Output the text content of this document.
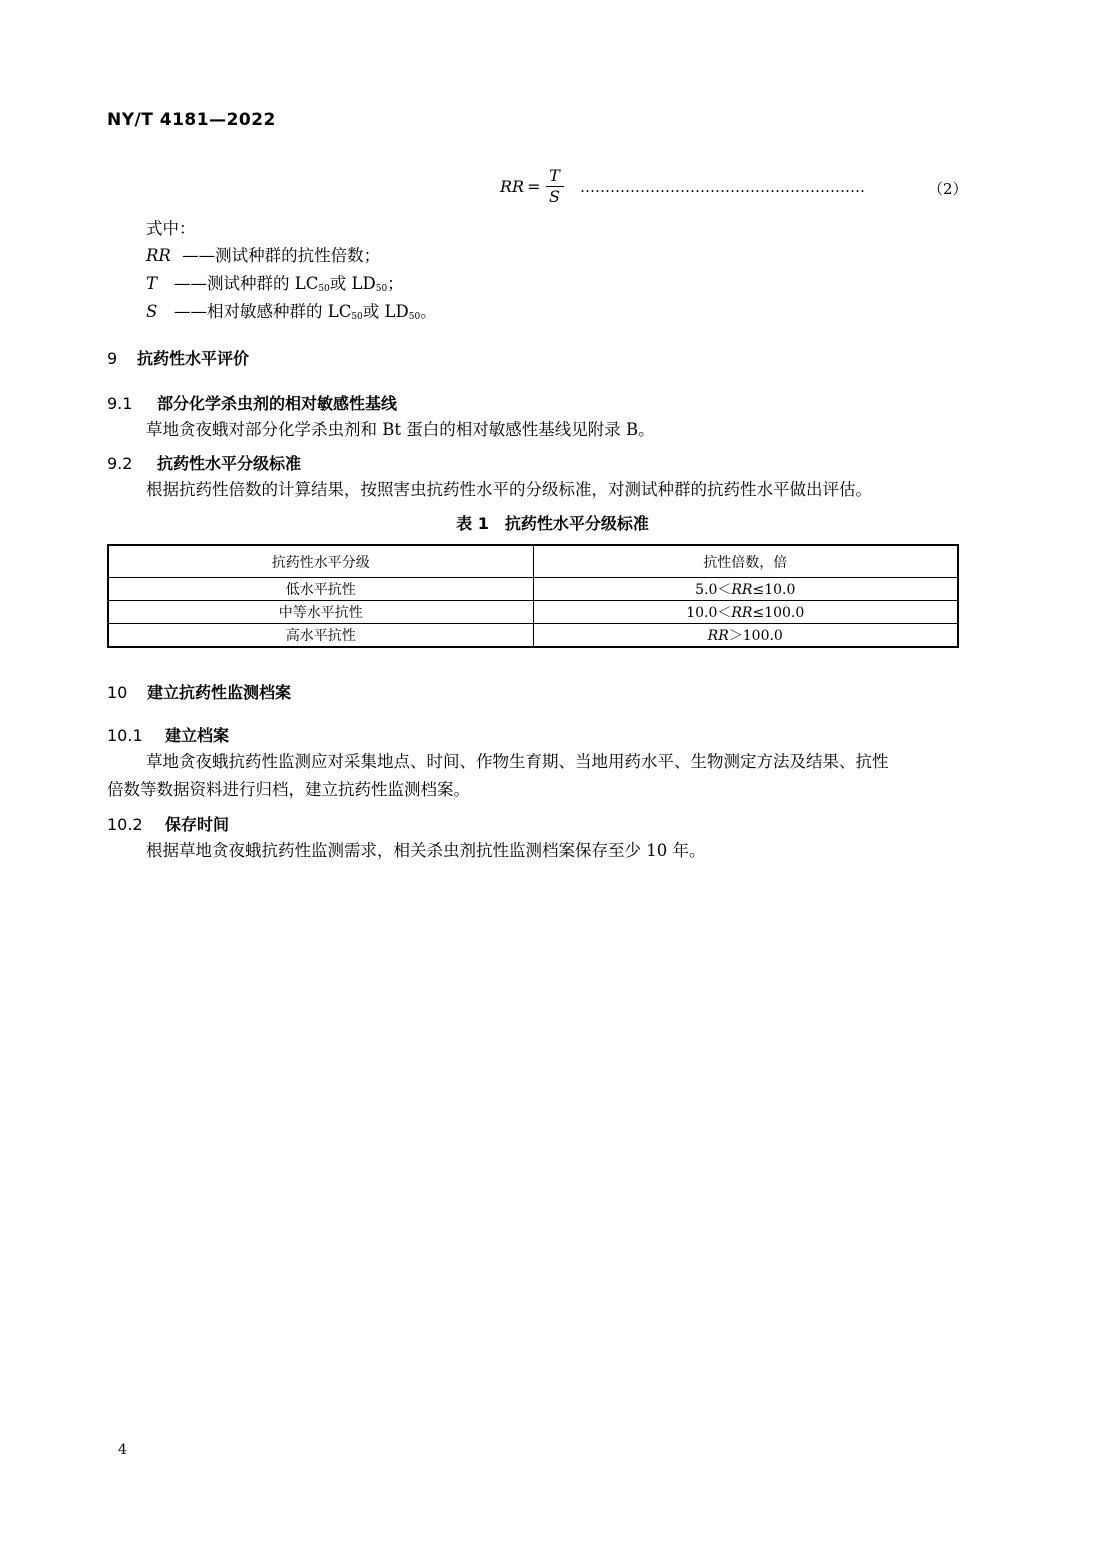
NY/T 4181—2022
RR = $\frac{T}{S}$ …………………………………………………	（2）
式中：
RR ——测试种群的抗性倍数；
T ——测试种群的 $LC_{50}$或 $LD_{50}$；
S ——相对敏感种群的 $LC_{50}$或 $LD_{50}$。
9 抗药性水平评价
9.1 部分化学杀虫剂的相对敏感性基线
草地贪夜蛾对部分化学杀虫剂和 Bt 蛋白的相对敏感性基线见附录 B。
9.2 抗药性水平分级标准
根据抗药性倍数的计算结果，按照害虫抗药性水平的分级标准，对测试种群的抗药性水平做出评估。
表 1　抗药性水平分级标准
抗药性水平分级	抗性倍数，倍
低水平抗性	5.0＜RR≤10.0
中等水平抗性	10.0＜RR≤100.0
高水平抗性	RR＞100.0
10 建立抗药性监测档案
10.1 建立档案
草地贪夜蛾抗药性监测应对采集地点、时间、作物生育期、当地用药水平、生物测定方法及结果、抗性
倍数等数据资料进行归档，建立抗药性监测档案。
10.2 保存时间
根据草地贪夜蛾抗药性监测需求，相关杀虫剂抗性监测档案保存至少 10 年。
4
